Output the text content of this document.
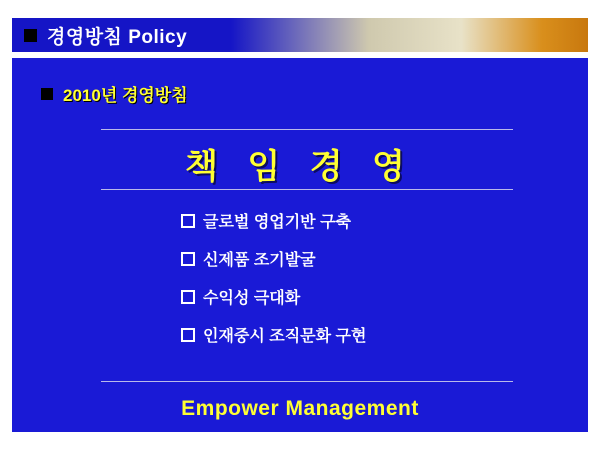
경영방침 Policy
2010년 경영방침
책 임 경 영
글로벌 영업기반 구축
신제품 조기발굴
수익성 극대화
인재중시 조직문화 구현
Empower Management
